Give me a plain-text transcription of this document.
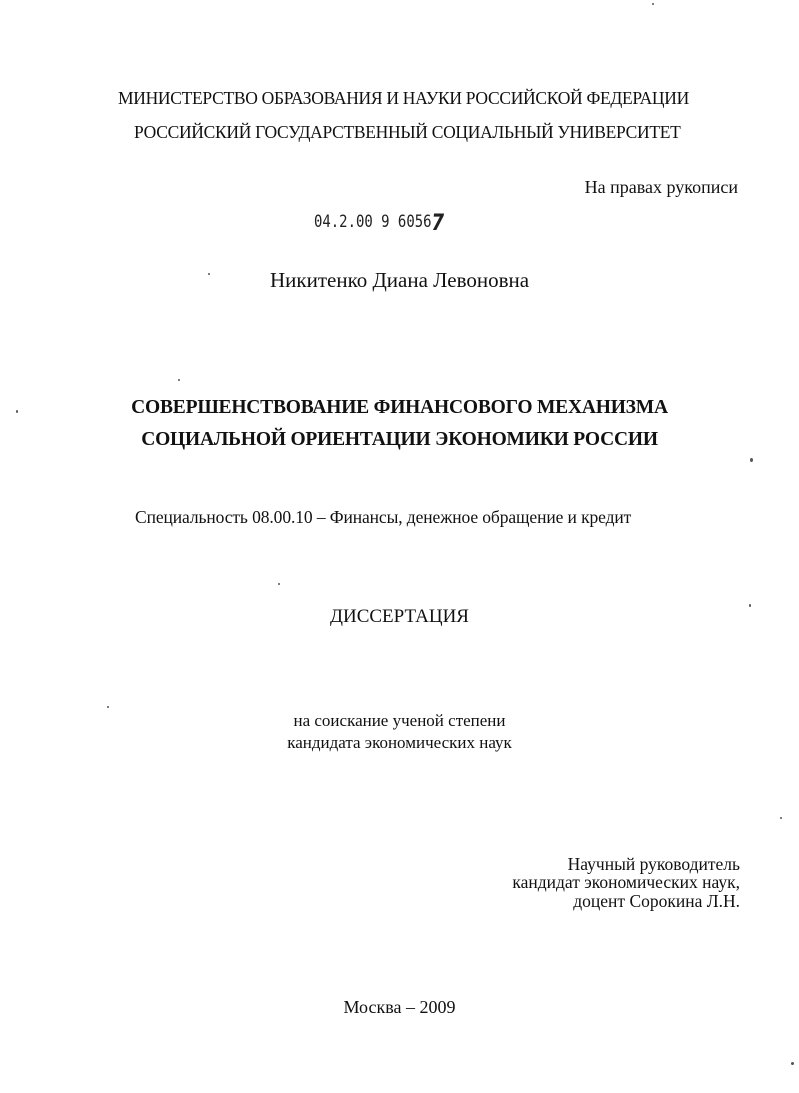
МИНИСТЕРСТВО ОБРАЗОВАНИЯ И НАУКИ РОССИЙСКОЙ ФЕДЕРАЦИИ
РОССИЙСКИЙ ГОСУДАРСТВЕННЫЙ СОЦИАЛЬНЫЙ УНИВЕРСИТЕТ
На правах рукописи
04.2.00 9 60567
Никитенко Диана Левоновна
СОВЕРШЕНСТВОВАНИЕ ФИНАНСОВОГО МЕХАНИЗМА
СОЦИАЛЬНОЙ ОРИЕНТАЦИИ ЭКОНОМИКИ РОССИИ
Специальность 08.00.10 – Финансы, денежное обращение и кредит
ДИССЕРТАЦИЯ
на соискание ученой степени
кандидата экономических наук
Научный руководитель
кандидат экономических наук,
доцент Сорокина Л.Н.
Москва – 2009
